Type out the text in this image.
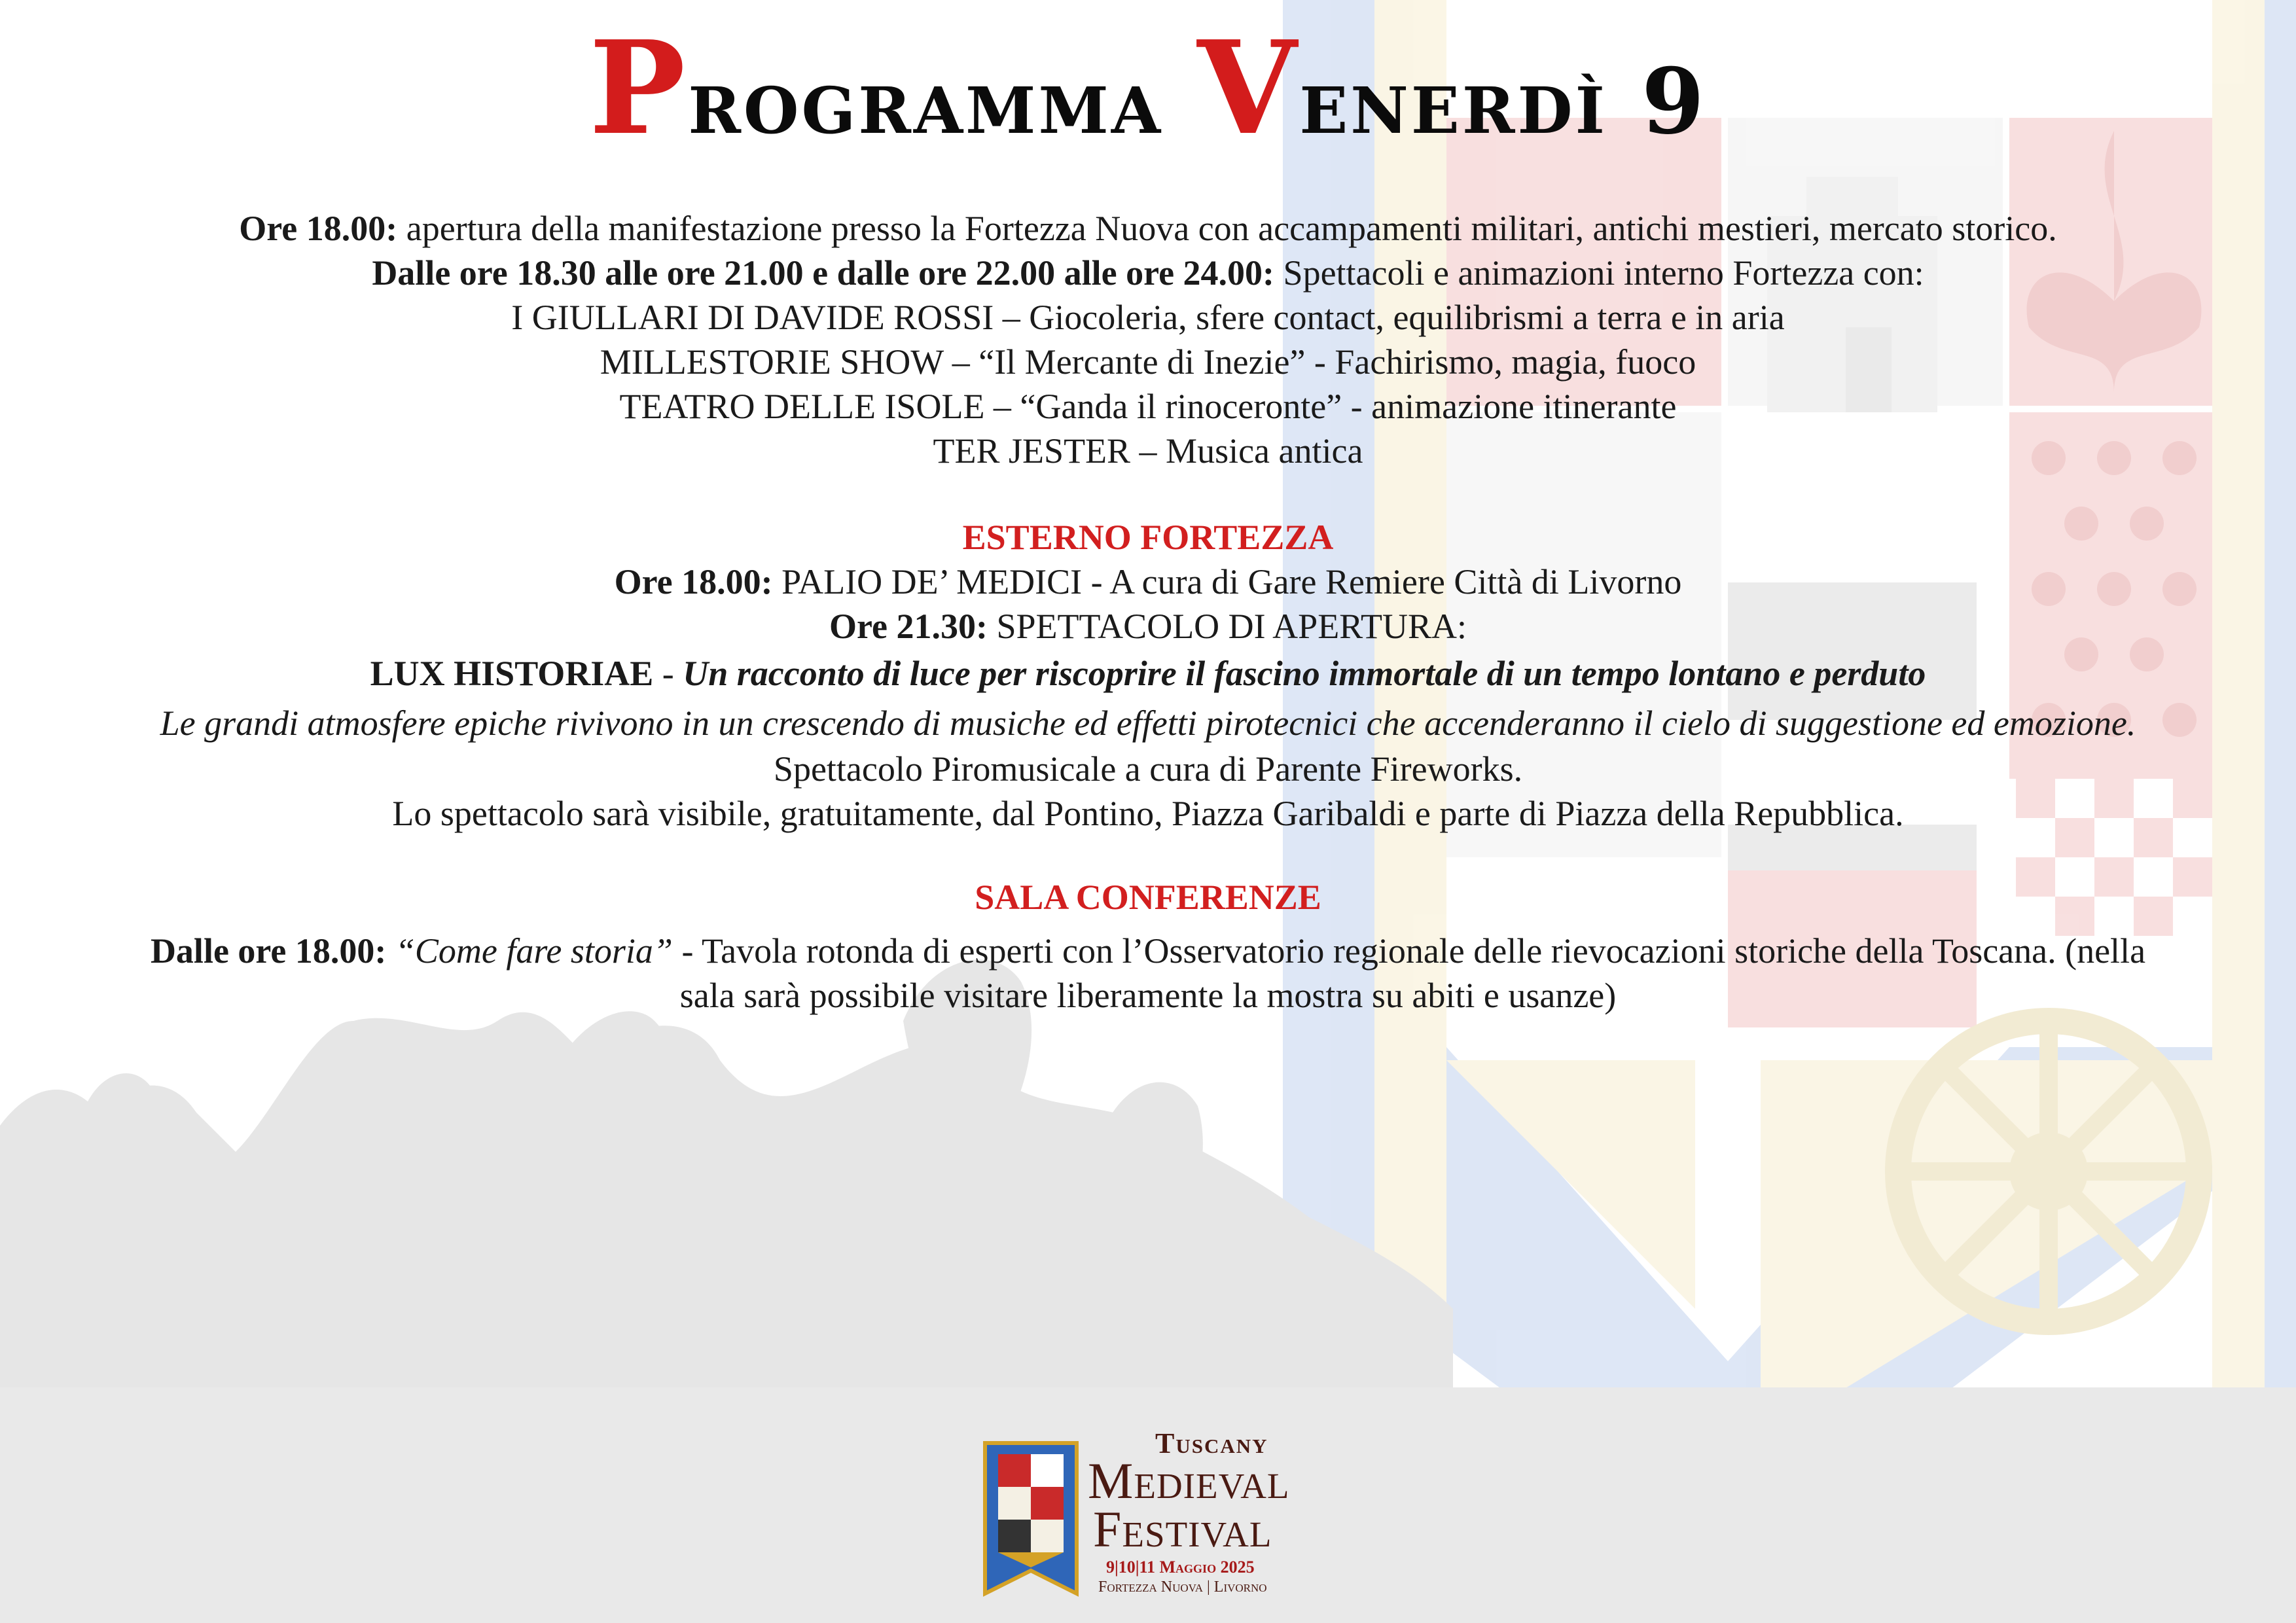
Programma Venerdì 9
Ore 18.00: apertura della manifestazione presso la Fortezza Nuova con accampamenti militari, antichi mestieri, mercato storico.
Dalle ore 18.30 alle ore 21.00 e dalle ore 22.00 alle ore 24.00: Spettacoli e animazioni interno Fortezza con:
I GIULLARI DI DAVIDE ROSSI – Giocoleria, sfere contact, equilibrismi a terra e in aria
MILLESTORIE SHOW – “Il Mercante di Inezie” - Fachirismo, magia, fuoco
TEATRO DELLE ISOLE – “Ganda il rinoceronte” - animazione itinerante
TER JESTER – Musica antica
ESTERNO FORTEZZA
Ore 18.00: PALIO DE’ MEDICI - A cura di Gare Remiere Città di Livorno
Ore 21.30: SPETTACOLO DI APERTURA:
LUX HISTORIAE - Un racconto di luce per riscoprire il fascino immortale di un tempo lontano e perduto
Le grandi atmosfere epiche rivivono in un crescendo di musiche ed effetti pirotecnici che accenderanno il cielo di suggestione ed emozione.
Spettacolo Piromusicale a cura di Parente Fireworks.
Lo spettacolo sarà visibile, gratuitamente, dal Pontino, Piazza Garibaldi e parte di Piazza della Repubblica.
SALA CONFERENZE
Dalle ore 18.00: “Come fare storia” - Tavola rotonda di esperti con l’Osservatorio regionale delle rievocazioni storiche della Toscana. (nella
sala sarà possibile visitare liberamente la mostra su abiti e usanze)
Tuscany
Medieval
Festival
9|10|11 Maggio 2025
Fortezza Nuova | Livorno
